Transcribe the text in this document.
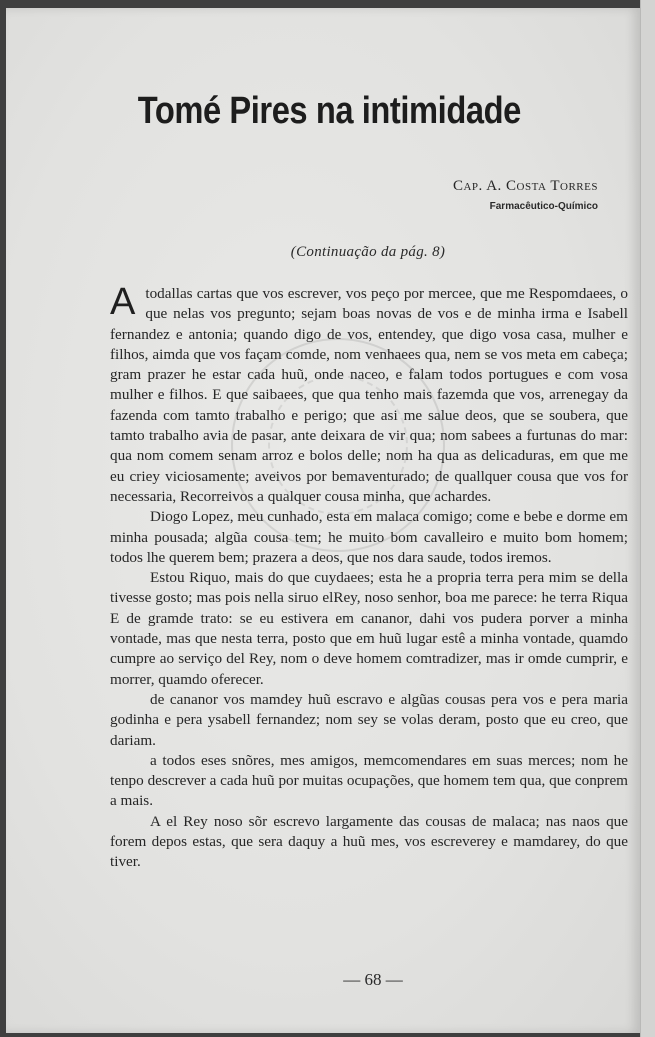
Tomé Pires na intimidade
Cap. A. Costa Torres
Farmacêutico-Químico
(Continuação da pág. 8)

Atodallas cartas que vos escrever, vos peço por mercee, que me Respomdaees, o que nelas vos pregunto; sejam boas novas de vos e de minha irma e Isabell fernandez e antonia; quando digo de vos, entendey, que digo vosa casa, mulher e filhos, aimda que vos façam comde, nom venhaees qua, nem se vos meta em cabeça; gram prazer he estar cada huũ, onde naceo, e falam todos portugues e com vosa mulher e filhos. E que saibaees, que qua tenho mais fazemda que vos, arrenegay da fazenda com tamto trabalho e perigo; que asi me salue deos, que se soubera, que tamto trabalho avia de pasar, ante deixara de vir qua; nom sabees a furtunas do mar: qua nom comem senam arroz e bolos delle; nom ha qua as delicaduras, em que me eu criey viciosamente; aveivos por bemaventurado; de quallquer cousa que vos for necessaria, Recorreivos a qualquer cousa minha, que achardes.

Diogo Lopez, meu cunhado, esta em malaca comigo; come e bebe e dorme em minha pousada; algũa cousa tem; he muito bom cavalleiro e muito bom homem; todos lhe querem bem; prazera a deos, que nos dara saude, todos iremos.

Estou Riquo, mais do que cuydaees; esta he a propria terra pera mim se della tivesse gosto; mas pois nella siruo elRey, noso senhor, boa me parece: he terra Riqua E de gramde trato: se eu estivera em cananor, dahi vos pudera porver a minha vontade, mas que nesta terra, posto que em huũ lugar estê a minha vontade, quamdo cumpre ao serviço del Rey, nom o deve homem comtradizer, mas ir omde cumprir, e morrer, quamdo oferecer.

de cananor vos mamdey huũ escravo e algũas cousas pera vos e pera maria godinha e pera ysabell fernandez; nom sey se volas deram, posto que eu creo, que dariam.

a todos eses snõres, mes amigos, memcomendares em suas merces; nom he tenpo descrever a cada huũ por muitas ocupações, que homem tem qua, que conprem a mais.

A el Rey noso sõr escrevo largamente das cousas de malaca; nas naos que forem depos estas, que sera daquy a huũ mes, vos escreverey e mamdarey, do que tiver.

— 68 —
